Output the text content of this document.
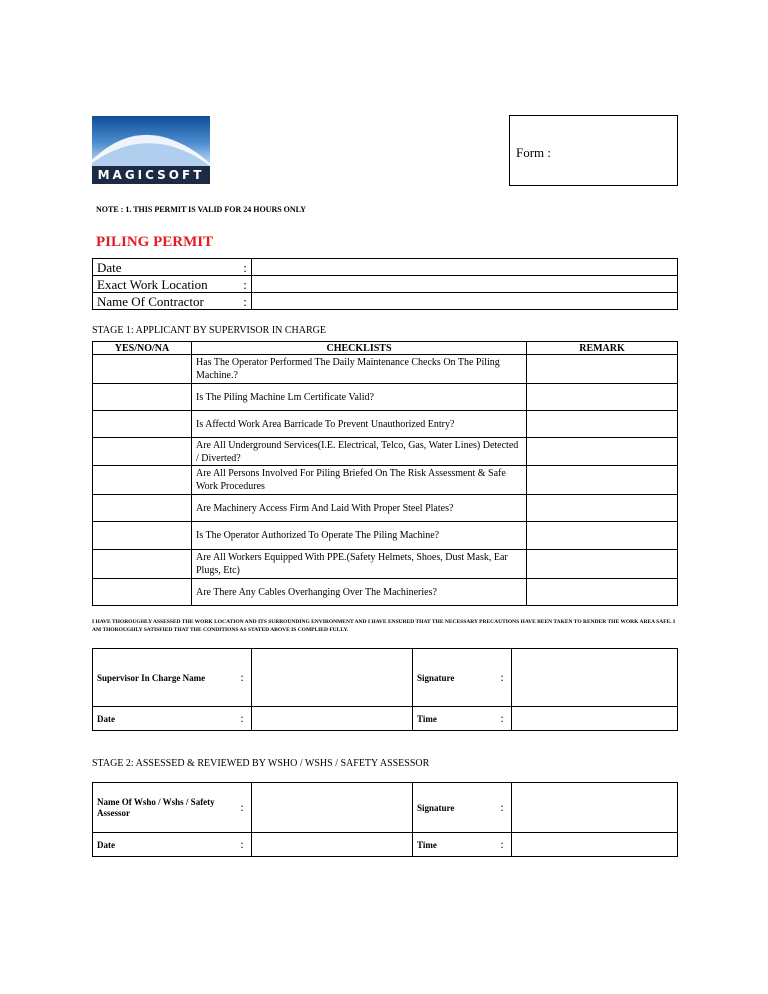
MAGICSOFT
Form :
NOTE : 1. THIS PERMIT IS VALID FOR 24 HOURS ONLY
PILING PERMIT
Date	:	
Exact Work Location	:	
Name Of Contractor	:	
STAGE 1: APPLICANT BY SUPERVISOR IN CHARGE
YES/NO/NA	CHECKLISTS	REMARK
	Has The Operator Performed The Daily Maintenance Checks On The Piling Machine.?	
	Is The Piling Machine Lm Certificate Valid?	
	Is Affectd Work Area Barricade To Prevent Unauthorized Entry?	
	Are All Underground Services(I.E. Electrical, Telco, Gas, Water Lines) Detected / Diverted?	
	Are All Persons Involved For Piling Briefed On The Risk Assessment & Safe Work Procedures	
	Are Machinery Access Firm And Laid With Proper Steel Plates?	
	Is The Operator Authorized To Operate The Piling Machine?	
	Are All Workers Equipped With PPE.(Safety Helmets, Shoes, Dust Mask, Ear Plugs, Etc)	
	Are There Any Cables Overhanging Over The Machineries?	
I HAVE THOROUGHLY ASSESSED THE WORK LOCATION AND ITS SURROUNDING ENVIRONMENT AND I HAVE ENSURED THAT THE NECESSARY PRECAUTIONS HAVE BEEN TAKEN TO RENDER THE WORK AREA SAFE. I AM THOROUGHLY SATISFIED THAT THE CONDITIONS AS STATED ABOVE IS COMPLIED FULLY.
Supervisor In Charge Name	:		Signature	:	
Date	:		Time	:	
STAGE 2: ASSESSED & REVIEWED BY WSHO / WSHS / SAFETY ASSESSOR
Name Of Wsho / Wshs / Safety Assessor	:		Signature	:	
Date	:		Time	:	
